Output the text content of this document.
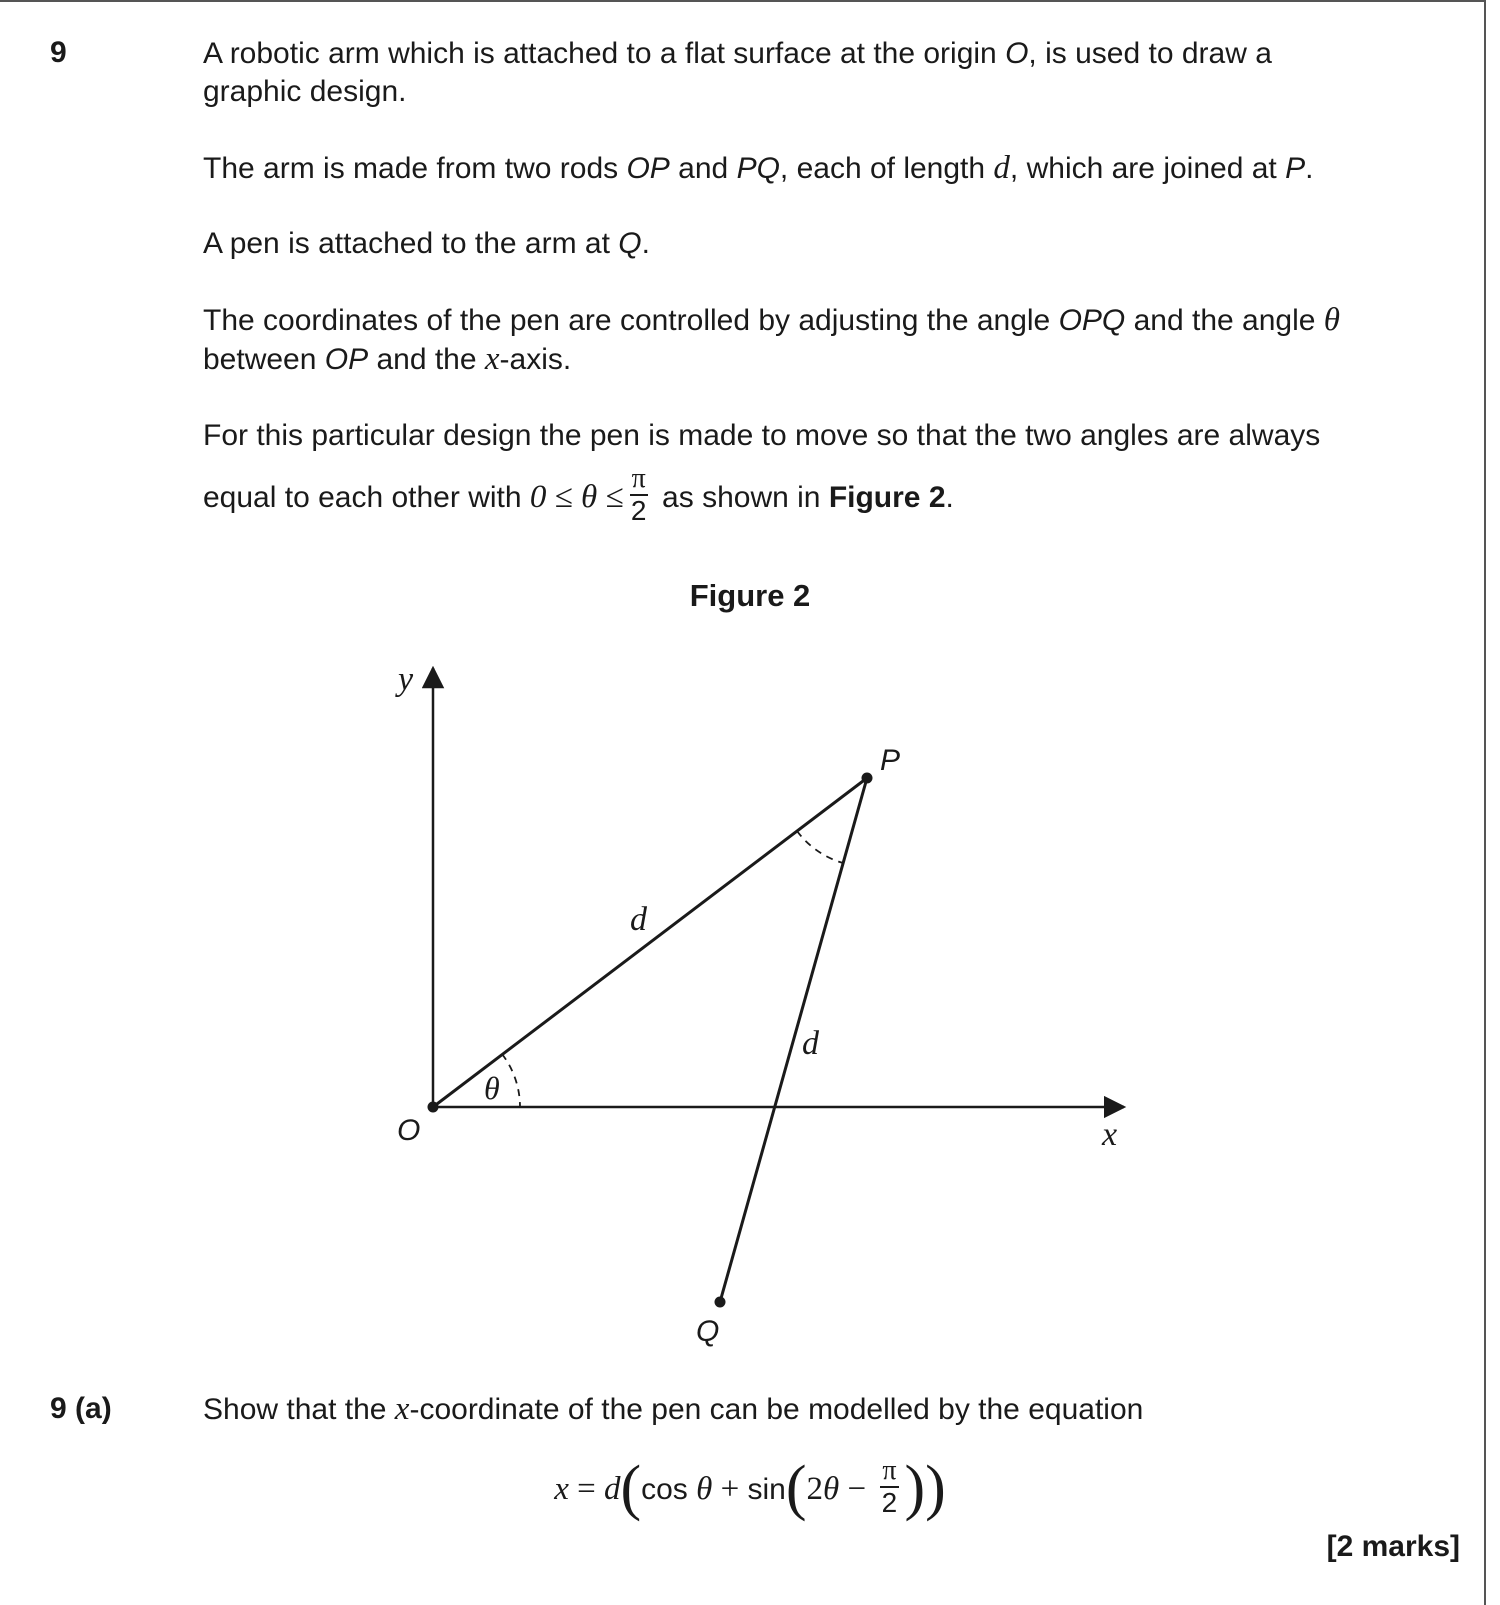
9	A robotic arm which is attached to a flat surface at the origin O, is used to draw a
graphic design.
The arm is made from two rods OP and PQ, each of length d, which are joined at P.
A pen is attached to the arm at Q.
The coordinates of the pen are controlled by adjusting the angle OPQ and the angle θ
between OP and the x-axis.
For this particular design the pen is made to move so that the two angles are always
equal to each other with $0 \le \theta \le \frac{\pi}{2}$ as shown in Figure 2.
Figure 2
y
x
O
P
Q
d
d
θ
9 (a)	Show that the x-coordinate of the pen can be modelled by the equation
x = d(cos $\theta + \sin(2\theta - \frac{\pi}{2}$ ))
[2 marks]
